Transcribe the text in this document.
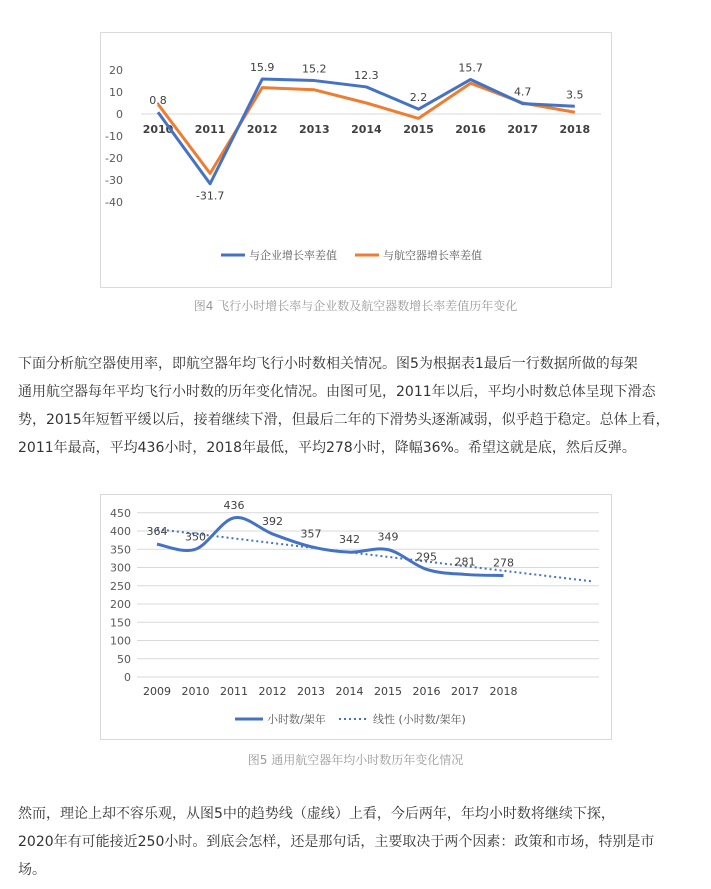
20
10
0
-10
-20
-30
-40
2010 2011 2012 2013 2014 2015 2016 2017 2018
0.8
-31.7
15.9	15.2	12.3
2.2
15.7
4.7	3.5
与企业增长率差值	与航空器增长率差值
图4 飞行小时增长率与企业数及航空器数增长率差值历年变化
下面分析航空器使用率，即航空器年均飞行小时数相关情况。图5为根据表1最后一行数据所做的每架
通用航空器每年平均飞行小时数的历年变化情况。由图可见，2011年以后，平均小时数总体呈现下滑态
势，2015年短暂平缓以后，接着继续下滑，但最后二年的下滑势头逐渐减弱，似乎趋于稳定。总体上看，
2011年最高，平均436小时，2018年最低，平均278小时，降幅36%。希望这就是底，然后反弹。
450
400
350
300
250
200
150
100
50
0
2009 2010 2011 2012 2013 2014 2015 2016 2017 2018
364 350
436
392
357 342 349
295 281 278
小时数/架年	线性 (小时数/架年)
图5 通用航空器年均小时数历年变化情况
然而，理论上却不容乐观，从图5中的趋势线（虚线）上看，今后两年，年均小时数将继续下探，
2020年有可能接近250小时。到底会怎样，还是那句话，主要取决于两个因素：政策和市场，特别是市
场。
